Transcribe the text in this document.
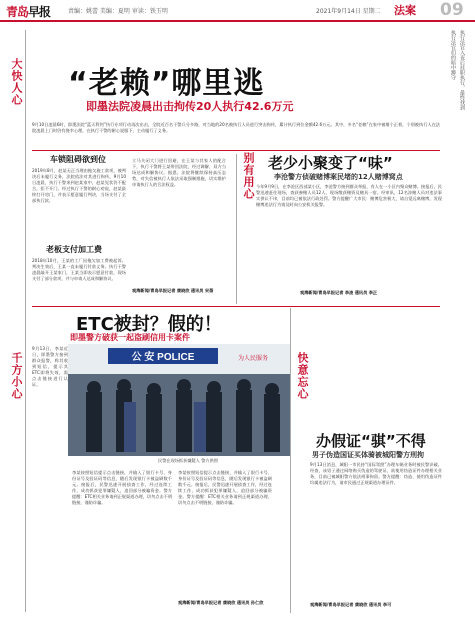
青岛早报	责编：姚蕾 美编：夏明 审读：铁玉明	2021年9月14日 星期二 法案 09
大快人心
千方小心
执行法官们的暗中蹲守 执行法官入夜后挂职执行，最终找到
“老赖”哪里逃
即墨法院凌晨出击拘传20人执行42.6万元
9月10日凌晨6时，即墨法院“蓝天利剑”执行专项行动再次出击，全院近百名干警兵分多路，对当地的20名被执行人员进行突击拘传，累计执行到位金额42.6万元。其中，多名“老赖”在家中被堵个正着，个别被执行人在法院凌晨上门时仍有侥幸心理，在执行干警的耐心说服下，主动履行了义务。
车锁阻碍欲到位
2019年8月，赵某无正当理由拖欠施工款项，被判决后未履行义务，法院依法对其进行拘传。9月10日凌晨，执行干警来到赵某家中，赵某见状仍不配合，拒不开门。经过执行干警的耐心劝说，赵某最终打开房门，并表示愿意履行判决，当场支付了全部执行款。
老板支付加工费
2018年10月，王某的工厂因拖欠加工费被起诉。判决生效后，王某一直未履行付款义务。执行干警凌晨敲开王某家门，王某当即表示愿意付款，现场支付了部分款项，并与申请人达成和解协议。
立马关闭大门进行回避，在王某与其家人的配合下，执行干警将王某带回法院，经过调解，双方当场达成和解协议。据悉，法院将继续保持高压态势，对失信被执行人依法采取强制措施，切实维护申请执行人的合法权益。
观海新闻/青岛早报记者 康晓欣 通讯员 宋蓓
别有用心 老少小聚变了“味”
李沧警方侦破赌博案民堵的12人赌博窝点
今年9月9日，在李沧区西部某小区，李沧警方接到群众举报，有人在一小区内聚众赌博。接报后，民警迅速赶往现场，查获参赌人员12人，现场缴获赌资及赌具一宿。经审讯，12名涉赌人员对违法事实供认不讳，目前均已被依法行政处罚。警方提醒广大市民：赌博危害极大，请自觉远离赌博，发现赌博违法行为请及时向公安机关报警。
观海新闻/青岛早报记者 李凌 通讯员 李正
ETC被封？假的！
即墨警方破获一起盗刷信用卡案件
9月13日，李某近日，即墨警方接到群众报警，称其收到短信，提示其ETC即将失效，需点击链接进行认证。
公 安 POLICE	为人民服务
民警在现场抓获嫌疑人 警方供图
李某按照短信提示点击链接，并输入了银行卡号、身份证号及验证码等信息，随后发现银行卡被盗刷数千元。接报后，民警迅速开展侦查工作，经过连续工作，成功抓获犯罪嫌疑人，追回部分被骗资金。警方提醒：ETC相关业务请到正规渠道办理，切勿点击不明链接，谨防诈骗。
李某按照短信提示点击链接，并输入了银行卡号、身份证号及验证码等信息，随后发现银行卡被盗刷数千元。接报后，民警迅速开展侦查工作，经过连续工作，成功抓获犯罪嫌疑人，追回部分被骗资金。警方提醒：ETC相关业务请到正规渠道办理，切勿点击不明链接，谨防诈骗。
观海新闻/青岛早报记者 康晓欣 通讯员 孙仁欣
快意忘心
办假证“骐”不得
男子伪造国证买体骑被城阳警方刑拘
9月13日消息，城阳一市民持“国际驾照”办理车辆业务时被民警识破。经查，该男子通过网络购买伪造的驾驶证，欲使用伪造证件办理相关业务，目前已被城阳警方依法刑事拘留。警方提醒：伪造、使用伪造证件均属违法行为，请市民通过正规渠道办理证件。
观海新闻/青岛早报记者 康晓欣 通讯员 李可
